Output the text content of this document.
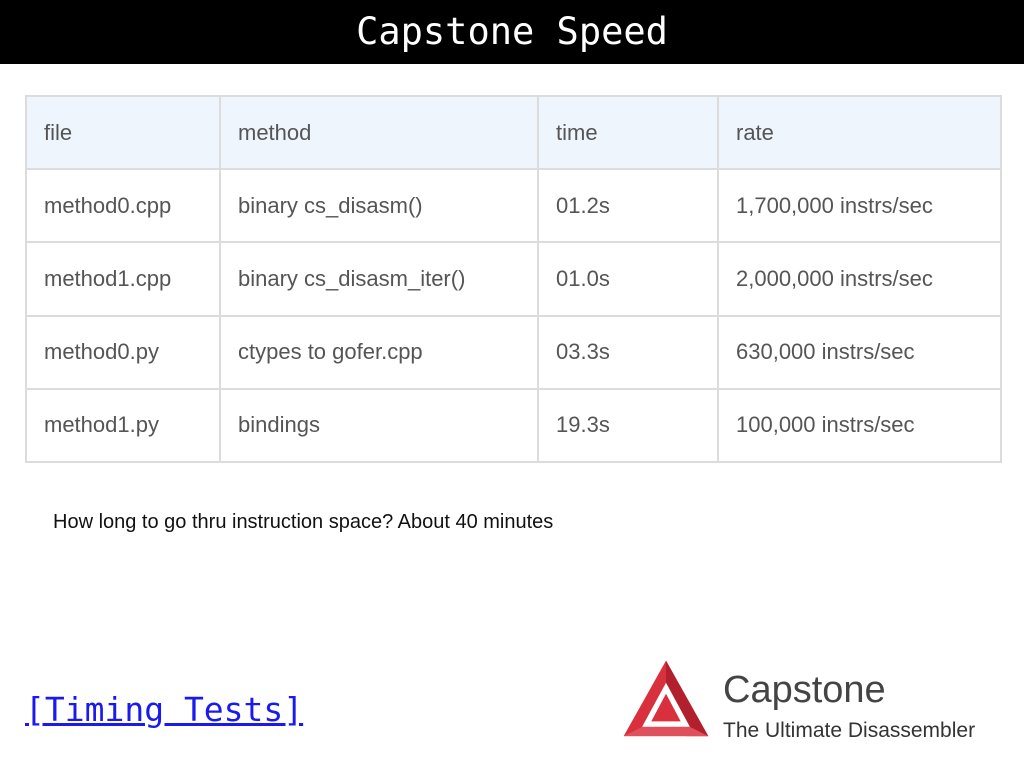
Capstone Speed
file	method	time	rate
method0.cpp	binary cs_disasm()	01.2s	1,700,000 instrs/sec
method1.cpp	binary cs_disasm_iter()	01.0s	2,000,000 instrs/sec
method0.py	ctypes to gofer.cpp	03.3s	630,000 instrs/sec
method1.py	bindings	19.3s	100,000 instrs/sec
How long to go thru instruction space? About 40 minutes
[Timing Tests]	Capstone
The Ultimate Disassembler
